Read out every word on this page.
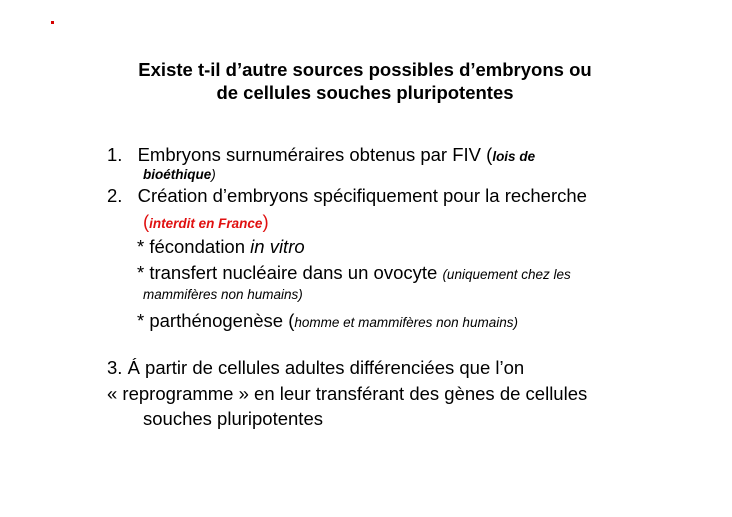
Existe t-il d’autre sources possibles d’embryons ou
de cellules souches pluripotentes
1. Embryons surnuméraires obtenus par FIV (lois de
bioéthique)
2. Création d’embryons spécifiquement pour la recherche
(interdit en France)
* fécondation in vitro
* transfert nucléaire dans un ovocyte (uniquement chez les
mammifères non humains)
* parthénogenèse (homme et mammifères non humains)
3. Á partir de cellules adultes différenciées que l’on
« reprogramme » en leur transférant des gènes de cellules
souches pluripotentes
